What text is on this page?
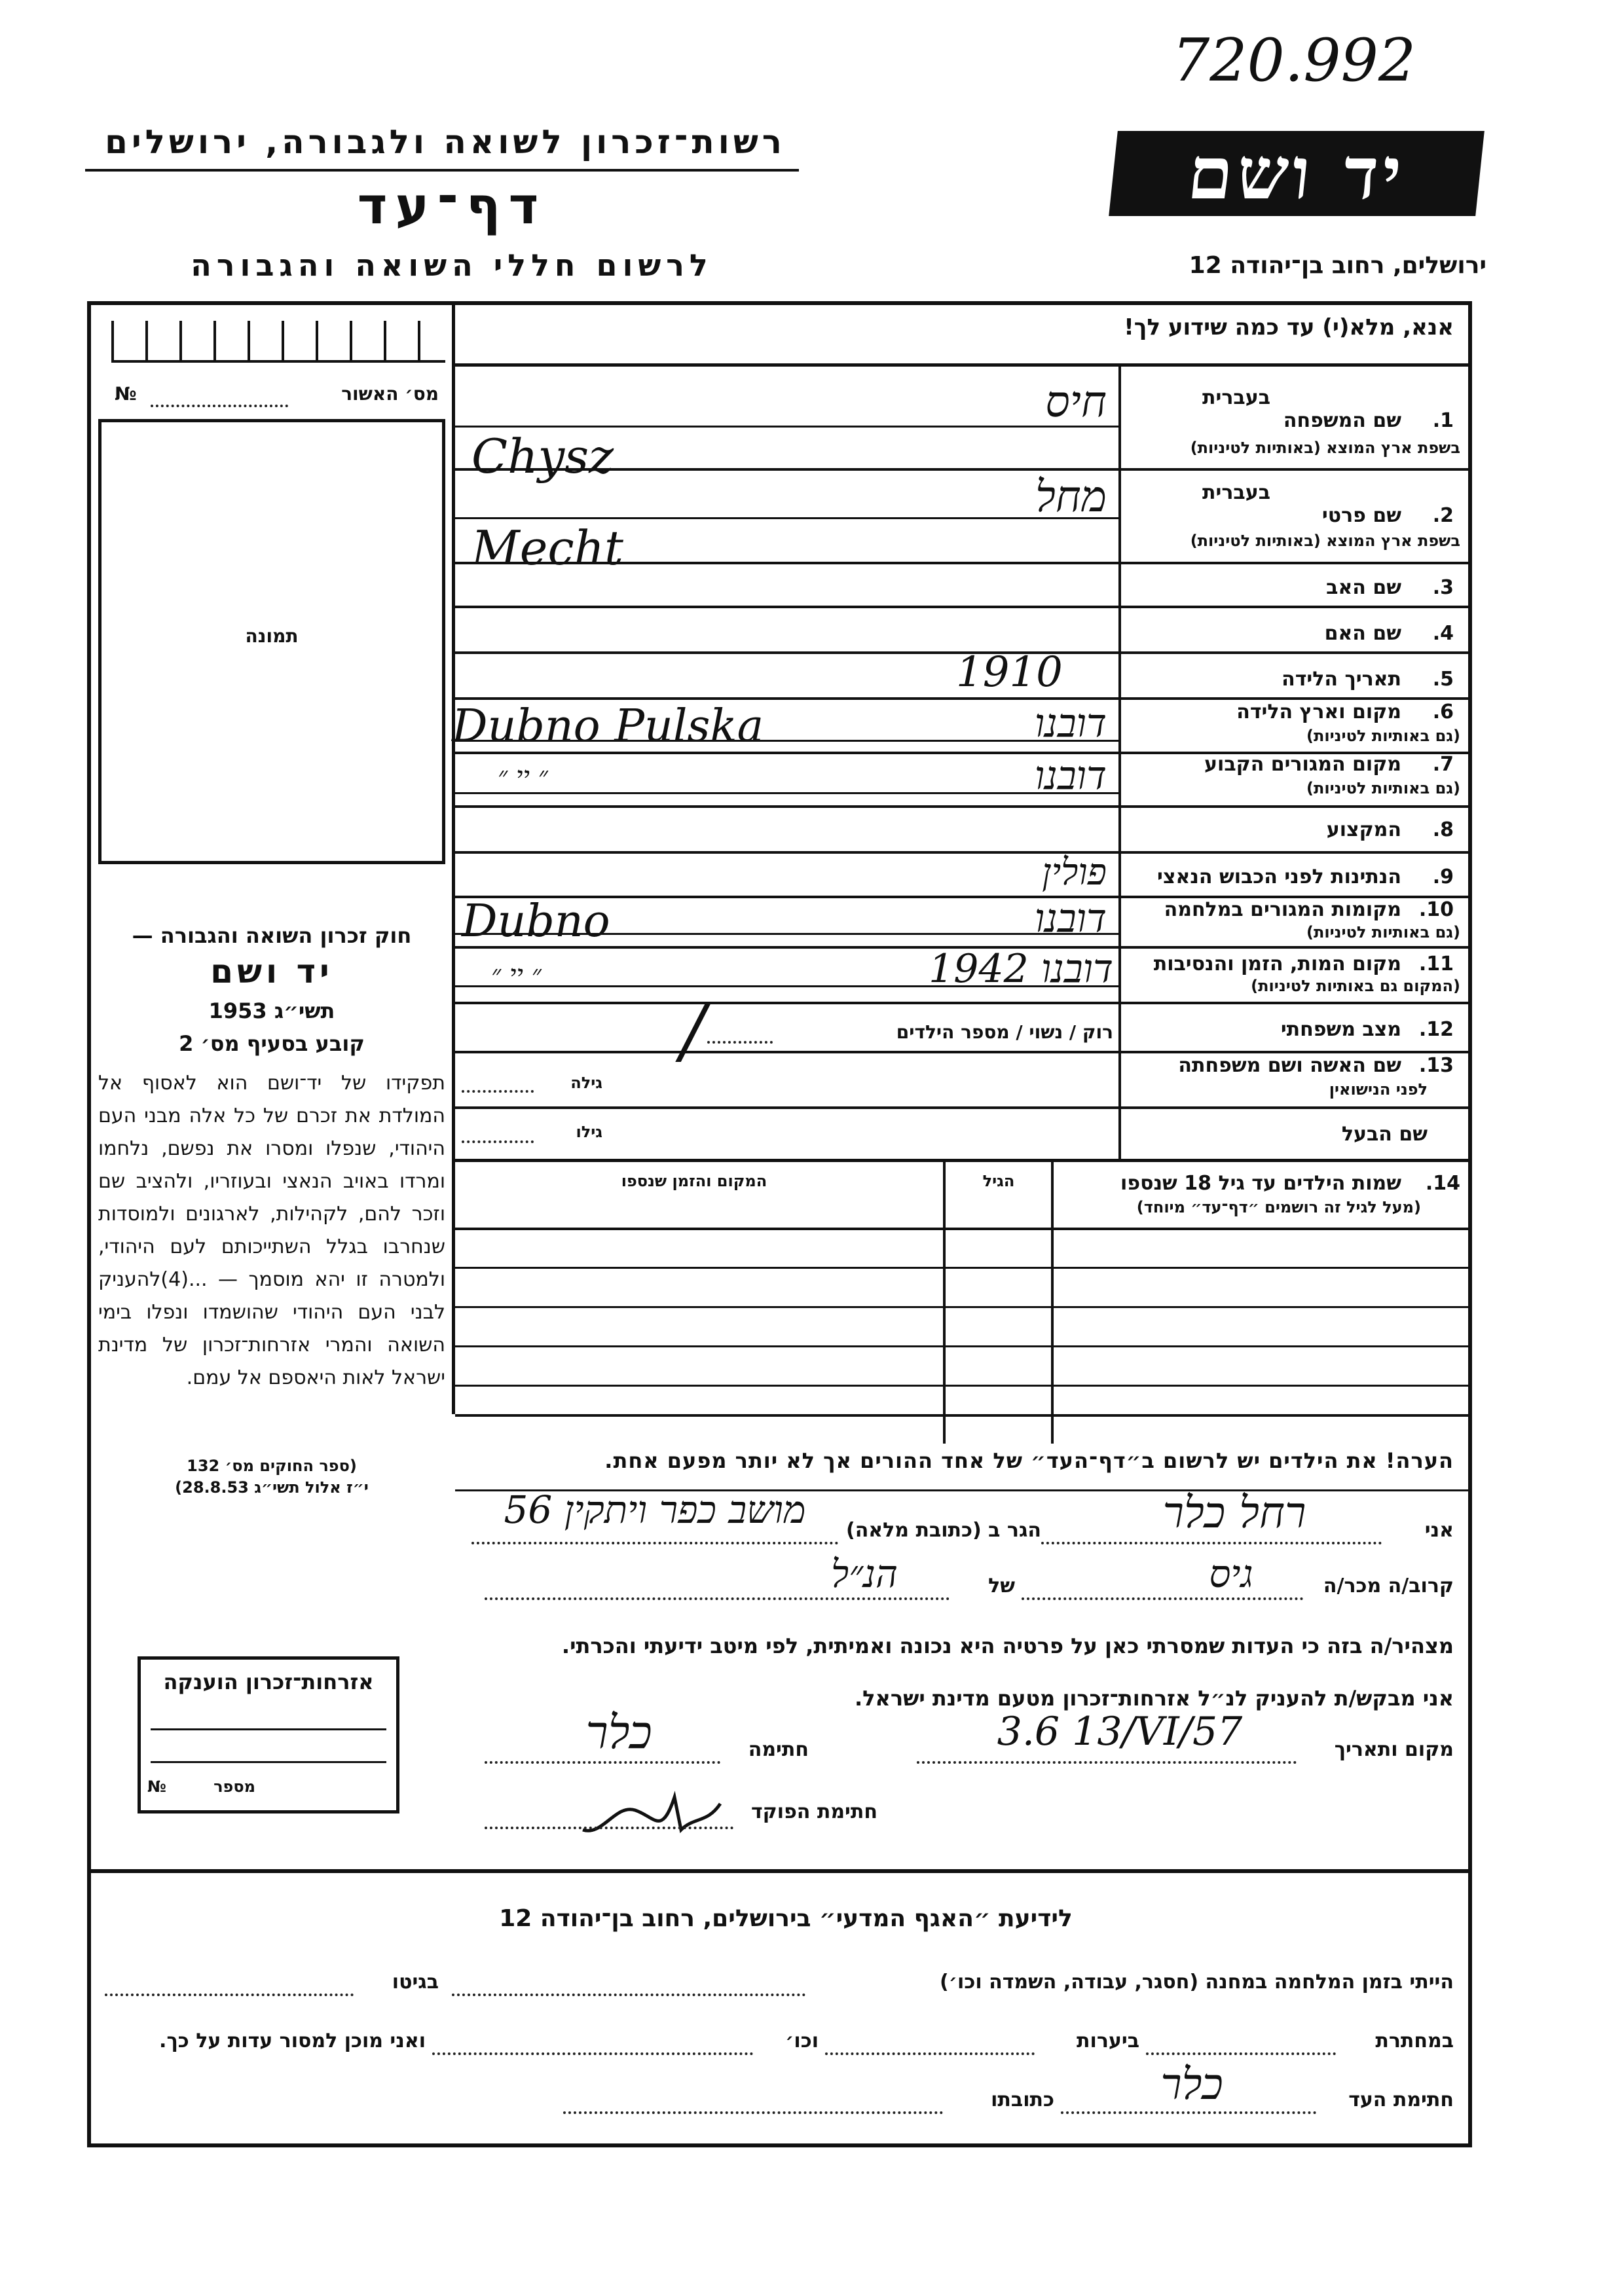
720.992
רשות־זכרון לשואה ולגבורה, ירושלים
דף־עד
לרשום חללי השואה והגבורה
יד ושם
ירושלים, רחוב בן־יהודה 12
אנא, מלא(י) עד כמה שידוע לך!
מס׳ האשור
№
תמונה
.1
שם המשפחה
בשפת ארץ המוצא (באותיות לטיניות)
בעברית
חיס
Chysz
.2
שם פרטי
בשפת ארץ המוצא (באותיות לטיניות)
בעברית
מחל
Mecht
.3
שם האב
.4
שם האם
.5
תאריך הלידה
1910
.6
מקום וארץ הלידה
(גם באותיות לטיניות)
דובנו
Dubno Pulska
.7
מקום המגורים הקבוע
(גם באותיות לטיניות)
דובנו
״ יי ״
.8
המקצוע
.9
הנתינות לפני הכבוש הנאצי
פולין
.10
מקומות המגורים במלחמה
(גם באותיות לטיניות)
דובנו
Dubno
.11
מקום המות, הזמן והנסיבות
(המקום גם באותיות לטיניות)
דובנו 1942
״ יי ״
.12
מצב משפחתי
רוק / נשוי / מספר הילדים
/	.13
שם האשה ושם משפחתה
לפני הנישואין
גילה
שם הבעל
גילו
.14
שמות הילדים עד גיל 18 שנספו
(מעל לגיל זה רושמים ״דף־עד״ מיוחד)
הגיל
המקום והזמן שנספו
חוק זכרון השואה והגבורה —
יד ושם
תשי״ג 1953
קובע בסעיף מס׳ 2
תפקידו של יד־ושם הוא לאסוף אל המולדת את זכרם של כל אלה מבני העם היהודי, שנפלו ומסרו את נפשם, נלחמו ומרדו באויב הנאצי ובעוזריו, ולהציב שם וזכר להם, לקהילות, לארגונים ולמוסדות שנחרבו בגלל השתייכותם לעם היהודי, ולמטרה זו יהא מוסמך — ...(4)להעניק לבני העם היהודי שהושמדו ונפלו בימי השואה והמרי אזרחות־זכרון של מדינת ישראל לאות היאספם אל עמם.
(ספר החוקים מס׳ 132
י״ז אלול תשי״ג 28.8.53)
הערה! את הילדים יש לרשום ב״דף־העד״ של אחד ההורים אך לא יותר מפעם אחת.
אני
רחל כלר
הגר ב (כתובת מלאה)
מושב כפר ויתקין 56
קרוב/ה מכר/ה
גיס
של
הנ״ל
מצהיר/ה בזה כי העדות שמסרתי כאן על פרטיה היא נכונה ואמיתית, לפי מיטב ידיעתי והכרתי.
אני מבקש/ת להעניק לנ״ל אזרחות־זכרון מטעם מדינת ישראל.
מקום ותאריך
3.6 13/VI/57
חתימה
כלר
חתימת הפוקד
אזרחות־זכרון הוענקה
מספר
№
לידיעת ״האגף המדעי״ בירושלים, רחוב בן־יהודה 12
הייתי בזמן המלחמה במחנה (חסגר, עבודה, השמדה וכו׳)
בגיטו
במחתרת
ביערות
וכו׳
ואני מוכן למסור עדות על כך.
חתימת העד
כלר
כתובתו
